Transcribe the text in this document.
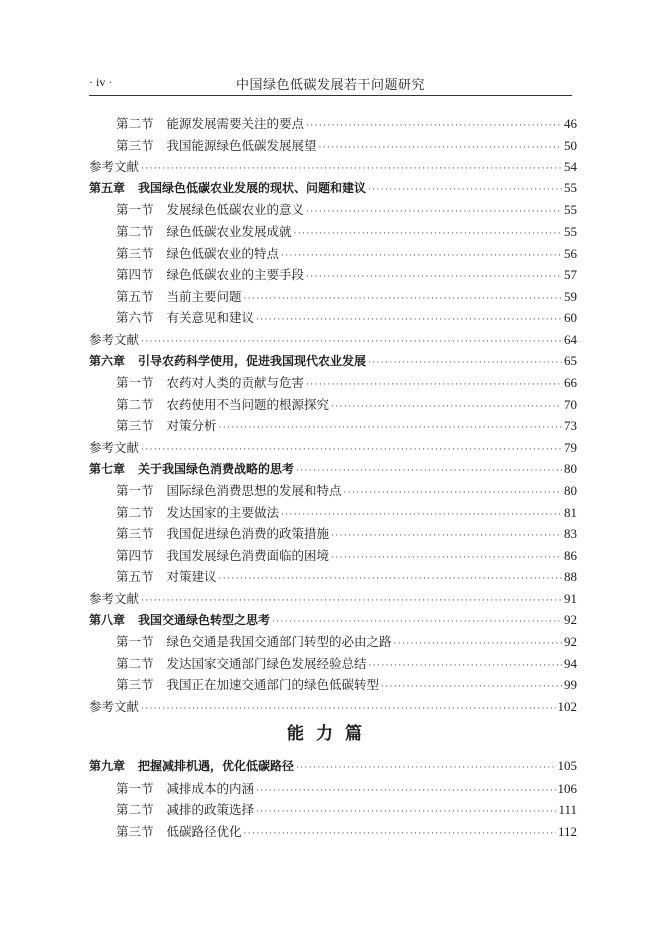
· iv ·	中国绿色低碳发展若干问题研究
第二节 能源发展需要关注的要点 ·····	46
第三节 我国能源绿色低碳发展展望 ·····	50
参考文献 ·····	54
第五章 我国绿色低碳农业发展的现状、问题和建议 ·····	55
第一节 发展绿色低碳农业的意义 ·····	55
第二节 绿色低碳农业发展成就 ·····	55
第三节 绿色低碳农业的特点 ·····	56
第四节 绿色低碳农业的主要手段 ·····	57
第五节 当前主要问题 ·····	59
第六节 有关意见和建议 ·····	60
参考文献 ·····	64
第六章 引导农药科学使用，促进我国现代农业发展 ·····	65
第一节 农药对人类的贡献与危害 ·····	66
第二节 农药使用不当问题的根源探究 ·····	70
第三节 对策分析 ·····	73
参考文献 ·····	79
第七章 关于我国绿色消费战略的思考 ·····	80
第一节 国际绿色消费思想的发展和特点 ·····	80
第二节 发达国家的主要做法 ·····	81
第三节 我国促进绿色消费的政策措施 ·····	83
第四节 我国发展绿色消费面临的困境 ·····	86
第五节 对策建议 ·····	88
参考文献 ·····	91
第八章 我国交通绿色转型之思考 ·····	92
第一节 绿色交通是我国交通部门转型的必由之路 ·····	92
第二节 发达国家交通部门绿色发展经验总结 ·····	94
第三节 我国正在加速交通部门的绿色低碳转型 ·····	99
参考文献 ·····	102
能力篇
第九章 把握减排机遇，优化低碳路径 ·····	105
第一节 减排成本的内涵 ·····	106
第二节 减排的政策选择 ·····	111
第三节 低碳路径优化 ·····	112
